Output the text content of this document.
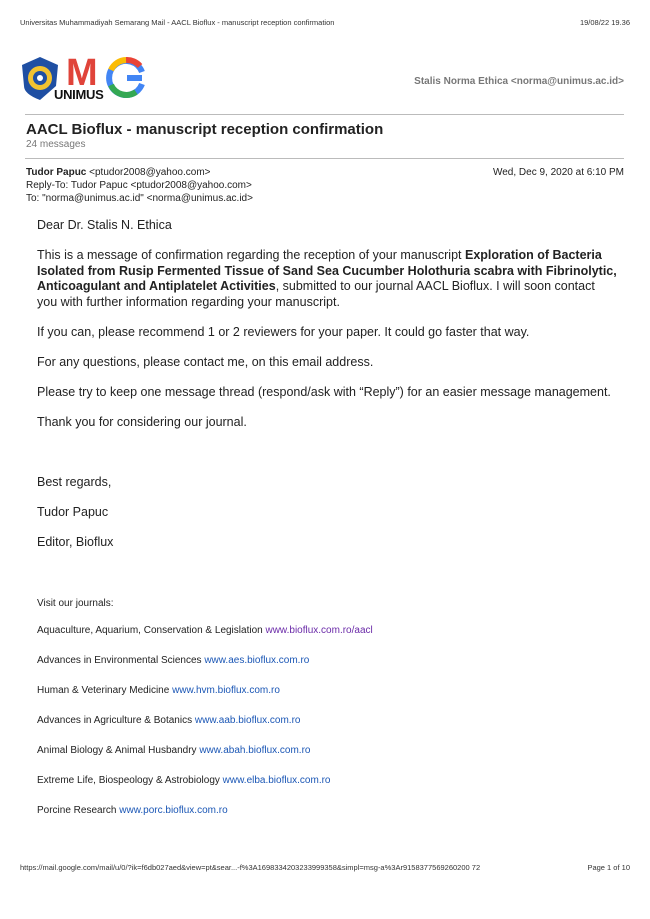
Universitas Muhammadiyah Semarang Mail - AACL Bioflux - manuscript reception confirmation	19/08/22 19.36
M
UNIMUS
Stalis Norma Ethica <norma@unimus.ac.id>
AACL Bioflux - manuscript reception confirmation
24 messages
Tudor Papuc <ptudor2008@yahoo.com>	Wed, Dec 9, 2020 at 6:10 PM
Reply-To: Tudor Papuc <ptudor2008@yahoo.com>
To: "norma@unimus.ac.id" <norma@unimus.ac.id>

Dear Dr. Stalis N. Ethica

This is a message of confirmation regarding the reception of your manuscript Exploration of Bacteria Isolated from Rusip Fermented Tissue of Sand Sea Cucumber Holothuria scabra with Fibrinolytic, Anticoagulant and Antiplatelet Activities, submitted to our journal AACL Bioflux. I will soon contact you with further information regarding your manuscript.

If you can, please recommend 1 or 2 reviewers for your paper. It could go faster that way.

For any questions, please contact me, on this email address.

Please try to keep one message thread (respond/ask with “Reply”) for an easier message management.

Thank you for considering our journal.

Best regards,

Tudor Papuc

Editor, Bioflux

Visit our journals:
Aquaculture, Aquarium, Conservation & Legislation www.bioflux.com.ro/aacl
Advances in Environmental Sciences www.aes.bioflux.com.ro
Human & Veterinary Medicine www.hvm.bioflux.com.ro
Advances in Agriculture & Botanics www.aab.bioflux.com.ro
Animal Biology & Animal Husbandry www.abah.bioflux.com.ro
Extreme Life, Biospeology & Astrobiology www.elba.bioflux.com.ro
Porcine Research www.porc.bioflux.com.ro
https://mail.google.com/mail/u/0/?ik=f6db027aed&view=pt&sear...-f%3A1698334203233999358&simpl=msg-a%3Ar9158377569260200 72	Page 1 of 10
